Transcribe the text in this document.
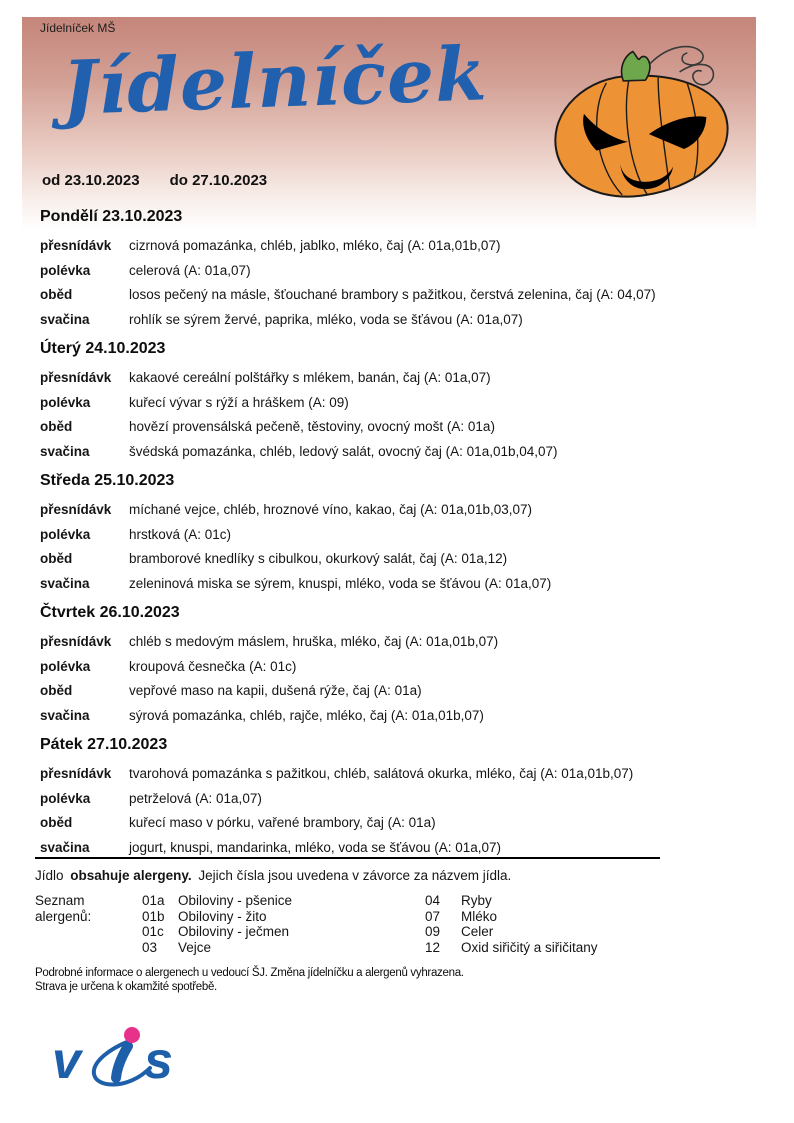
Jídelníček MŠ
Jídelníček
od 23.10.2023 do 27.10.2023
Pondělí 23.10.2023
přesnídávk	cizrnová pomazánka, chléb, jablko, mléko, čaj (A: 01a,01b,07)
polévka	celerová (A: 01a,07)
oběd	losos pečený na másle, šťouchané brambory s pažitkou, čerstvá zelenina, čaj (A: 04,07)
svačina	rohlík se sýrem žervé, paprika, mléko, voda se šťávou (A: 01a,07)
Úterý 24.10.2023
přesnídávk	kakaové cereální polštářky s mlékem, banán, čaj (A: 01a,07)
polévka	kuřecí vývar s rýží a hráškem (A: 09)
oběd	hovězí provensálská pečeně, těstoviny, ovocný mošt (A: 01a)
svačina	švédská pomazánka, chléb, ledový salát, ovocný čaj (A: 01a,01b,04,07)
Středa 25.10.2023
přesnídávk	míchané vejce, chléb, hroznové víno, kakao, čaj (A: 01a,01b,03,07)
polévka	hrstková (A: 01c)
oběd	bramborové knedlíky s cibulkou, okurkový salát, čaj (A: 01a,12)
svačina	zeleninová miska se sýrem, knuspi, mléko, voda se šťávou (A: 01a,07)
Čtvrtek 26.10.2023
přesnídávk	chléb s medovým máslem, hruška, mléko, čaj (A: 01a,01b,07)
polévka	kroupová česnečka (A: 01c)
oběd	vepřové maso na kapii, dušená rýže, čaj (A: 01a)
svačina	sýrová pomazánka, chléb, rajče, mléko, čaj (A: 01a,01b,07)
Pátek 27.10.2023
přesnídávk	tvarohová pomazánka s pažitkou, chléb, salátová okurka, mléko, čaj (A: 01a,01b,07)
polévka	petrželová (A: 01a,07)
oběd	kuřecí maso v pórku, vařené brambory, čaj (A: 01a)
svačina	jogurt, knuspi, mandarinka, mléko, voda se šťávou (A: 01a,07)

Jídlo obsahuje alergeny. Jejich čísla jsou uvedena v závorce za názvem jídla.

Seznam alergenů:
01a Obiloviny - pšenice
01b Obiloviny - žito
01c	Obiloviny - ječmen
03	Vejce
04	Ryby
07	Mléko
09	Celer
12	Oxid siřičitý a siřičitany

Podrobné informace o alergenech u vedoucí ŠJ. Změna jídelníčku a alergenů vyhrazena.

Strava je určena k okamžité spotřebě.

v s
